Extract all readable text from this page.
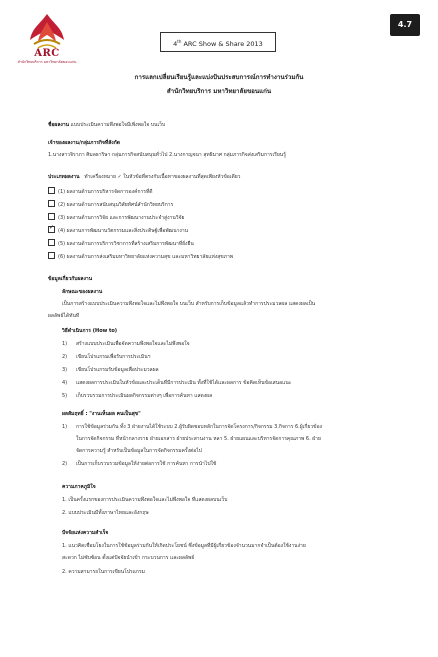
ARC
สำนักวิทยบริการ มหาวิทยาลัยขอนแก่น
4th ARC Show & Share 2013
4.7
การแลกเปลี่ยนเรียนรู้และแบ่งปันประสบการณ์การทำงานร่วมกัน
สำนักวิทยบริการ มหาวิทยาลัยขอนแก่น
ชื่อผลงาน แบบประเมินความพึงพอใจมีเพิ่งพอใจ บนเว็บ
เจ้าของผลงาน/กลุ่มภารกิจที่สังกัด
1.นางสาวจิราภา ศิมลธาริษา กลุ่มภารกิจสนับสนุนทั่วไป 2.นางกาญจนา สุทธิมาศ กลุ่มภารกิจส่งเสริมการเรียนรู้
ประเภทผลงาน ทำเครื่องหมาย ✓ ในหัวข้อที่ตรงกับเนื้อหาของผลงานที่สุดเพียงหัวข้อเดียว
(1) ผลงานด้านการบริหารจัดการองค์การที่ดี
(2) ผลงานด้านการสนับสนุนวิสัยทัศน์สำนักวิทยบริการ
(3) ผลงานด้านการวิจัย และการพัฒนางานประจำสู่งานวิจัย
✓(4) ผลงานการพัฒนานวัตกรรมและสิ่งประดิษฐ์เพื่อพัฒนางาน
(5) ผลงานด้านการบริการวิชาการที่สร้างเสริมการพัฒนาที่ยั่งยืน
(6) ผลงานด้านการส่งเสริมมหาวิทยาลัยแห่งความสุข และมหาวิทยาลัยแห่งสุขภาพ
ข้อมูลเกี่ยวกับผลงาน
ลักษณะของผลงาน
เป็นการสร้างแบบประเมินความพึงพอใจและไม่พึงพอใจ บนเว็บ สำหรับการเก็บข้อมูลแล้วทำการประมวลผล แสดงผลเป็น
ผลลัพธ์ได้ทันที
วิธีดำเนินการ (How to)
1) สร้างแบบประเมินเพื่อจัดความพึงพอใจและไม่พึงพอใจ
2) เขียนโปรแกรมเพื่อรับการประเมินฯ
3) เขียนโปรแกรมรับข้อมูลเพื่อประมวลผล
4) แสดงผลการประเมินในหัวข้อและประเด็นที่มีการประเมิน ทั้งที่ใช้ได้และผลการ ข้อคิดเห็นข้อเสนอแนะ
5) เก็บรวบรวมการประเมินผลกิจกรรมต่างๆ เพื่อการค้นหา แสดงผล
ผลสัมฤทธิ์ : "งานเห็นผล คนเป็นสุข"
1) การใช้ข้อมูลร่วมกัน ทั้ง 3 ฝ่ายงานได้ใช้ระบบ 2.ผู้รับผิดชอบหลักในการจัดโครงการ/กิจกรรม 3.กิจการ 6.ผู้เกี่ยวข้อง
ในการจัดกิจกรรม ที่หน้ากลางราย ฝ่ายเอกสาร ฝ่ายประสานงาน หลา 5. ฝ่ายแผนและบริหารจัดการคุณภาพ 6. ฝ่าย
จัดการความรู้ สำหรับเป็นข้อมูลในการจัดกิจกรรมครั้งต่อไป
2) เป็นการเก็บรวบรวมข้อมูลให้ง่ายต่อการใช้ การค้นหา การนำไปใช้
ความภาคภูมิใจ
1. เป็นครั้งแรกของการประเมินความพึงพอใจและไม่พึงพอใจ ที่แสดงผลบนเว็บ
2. แบบประเมินมีทั้งภาษาไทยและอังกฤษ
ปัจจัยแห่งความสำเร็จ
1. แนวคิดเชื่อมโยงในการใช้ข้อมูลร่วมกันให้เกิดประโยชน์ ซึ่งข้อมูลที่มีผู้เกี่ยวข้องจำนวนมากจำเป็นต้องใช้งานง่าย
สะดวก ไม่ซับซ้อน ตั้งแต่ปัจจัยนำเข้า กระบวนการ และผลลัพธ์
2. ความสามารถในการเขียนโปรแกรม
